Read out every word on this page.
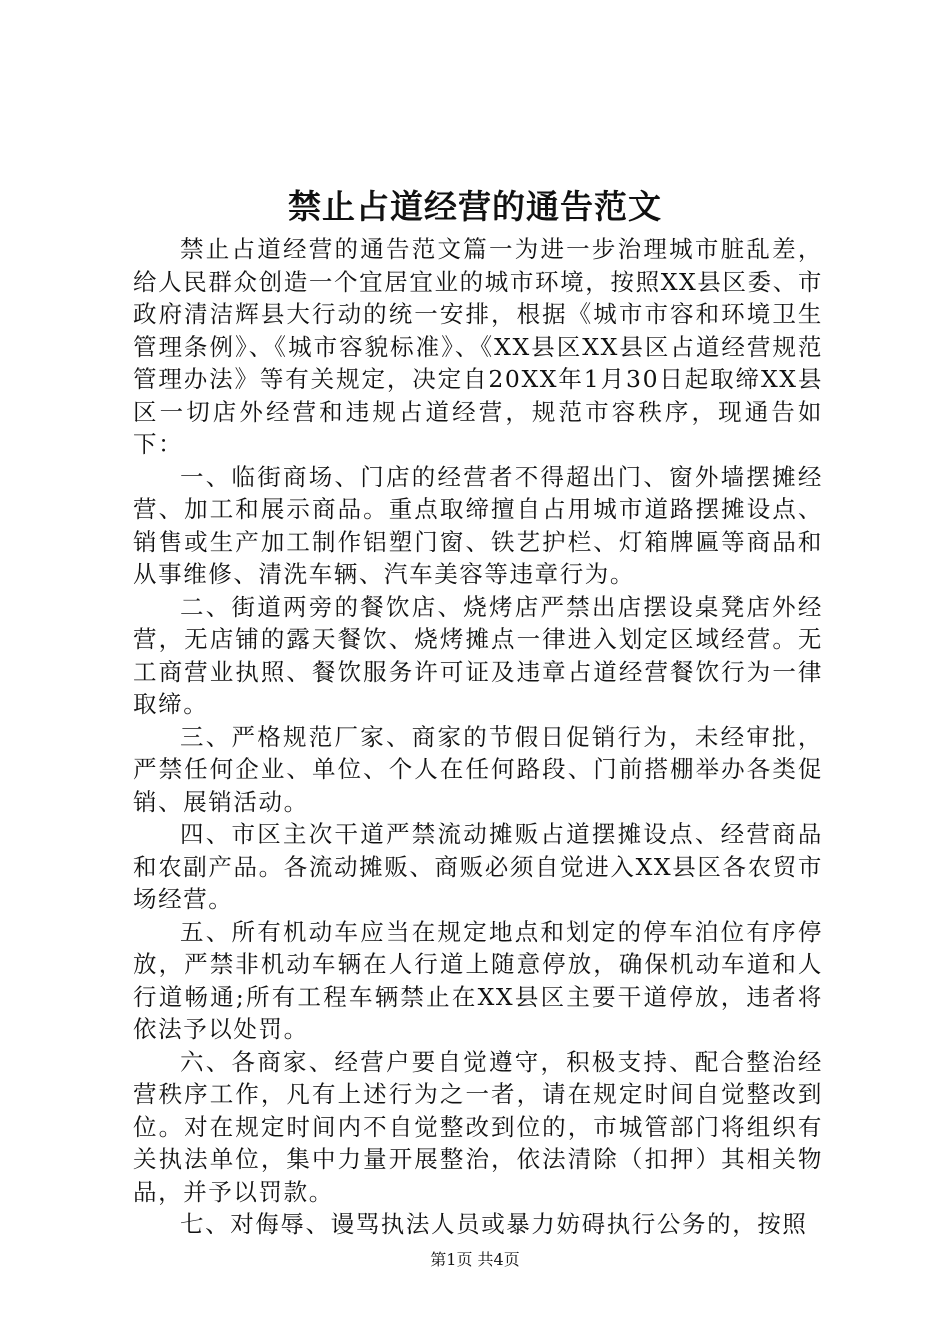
禁止占道经营的通告范文

禁止占道经营的通告范文篇一为进一步治理城市脏乱差，给人民群众创造一个宜居宜业的城市环境，按照XX县区委、市政府清洁辉县大行动的统一安排，根据《城市市容和环境卫生管理条例》、《城市容貌标准》、《XX县区XX县区占道经营规范管理办法》等有关规定，决定自20XX年1月30日起取缔XX县区一切店外经营和违规占道经营，规范市容秩序，现通告如下：

一、临街商场、门店的经营者不得超出门、窗外墙摆摊经营、加工和展示商品。重点取缔擅自占用城市道路摆摊设点、销售或生产加工制作铝塑门窗、铁艺护栏、灯箱牌匾等商品和从事维修、清洗车辆、汽车美容等违章行为。

二、街道两旁的餐饮店、烧烤店严禁出店摆设桌凳店外经营，无店铺的露天餐饮、烧烤摊点一律进入划定区域经营。无工商营业执照、餐饮服务许可证及违章占道经营餐饮行为一律取缔。

三、严格规范厂家、商家的节假日促销行为，未经审批，严禁任何企业、单位、个人在任何路段、门前搭棚举办各类促销、展销活动。

四、市区主次干道严禁流动摊贩占道摆摊设点、经营商品和农副产品。各流动摊贩、商贩必须自觉进入XX县区各农贸市场经营。

五、所有机动车应当在规定地点和划定的停车泊位有序停放，严禁非机动车辆在人行道上随意停放，确保机动车道和人行道畅通;所有工程车辆禁止在XX县区主要干道停放，违者将依法予以处罚。

六、各商家、经营户要自觉遵守，积极支持、配合整治经营秩序工作，凡有上述行为之一者，请在规定时间自觉整改到位。对在规定时间内不自觉整改到位的，市城管部门将组织有关执法单位，集中力量开展整治，依法清除（扣押）其相关物品，并予以罚款。

七、对侮辱、谩骂执法人员或暴力妨碍执行公务的，按照

第1页 共4页
